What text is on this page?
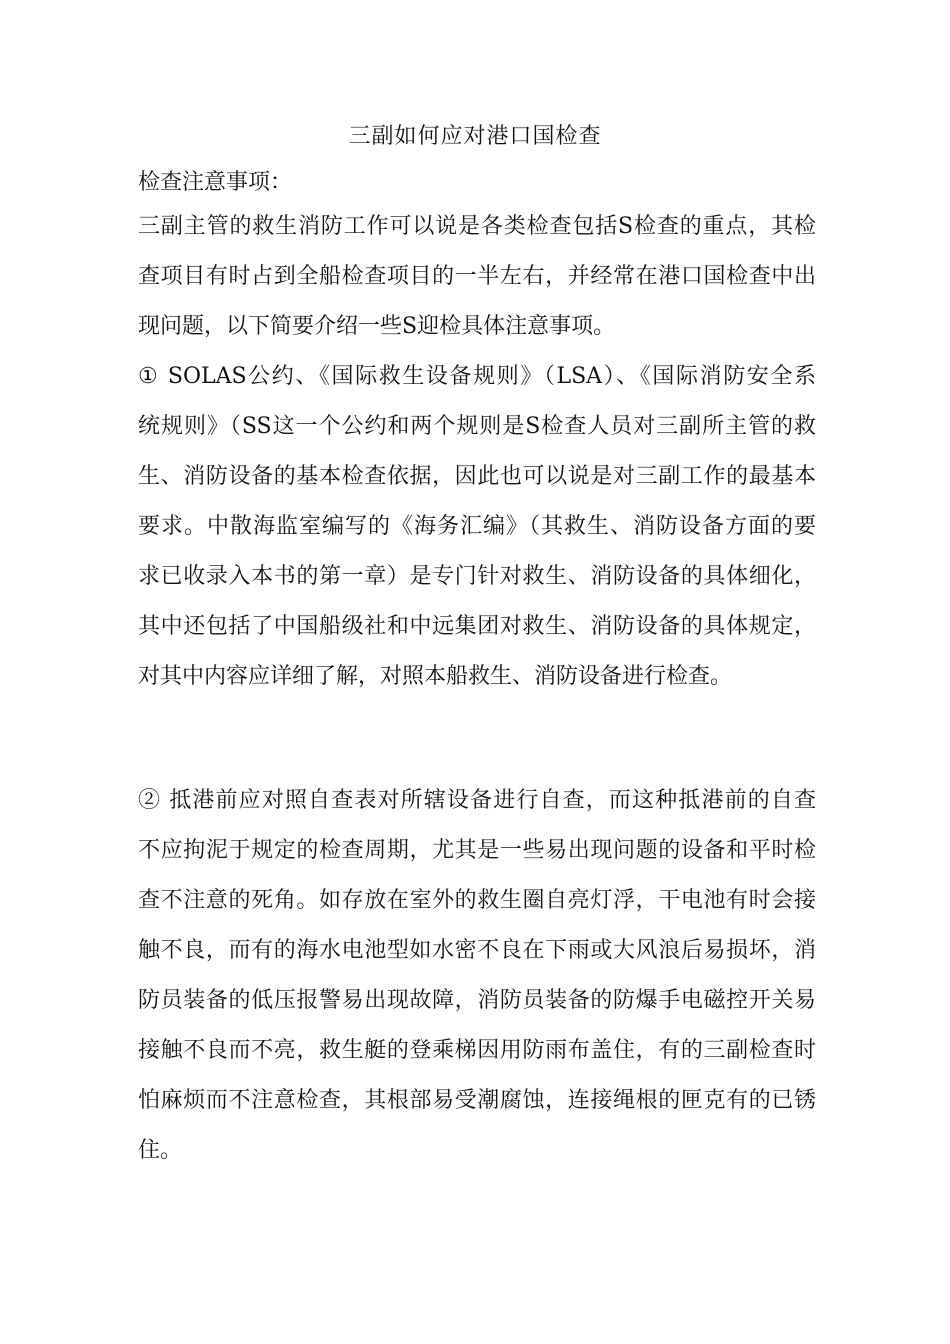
三副如何应对港口国检查
检查注意事项：
三副主管的救生消防工作可以说是各类检查包括S检查的重点，其检
查项目有时占到全船检查项目的一半左右，并经常在港口国检查中出
现问题，以下简要介绍一些S迎检具体注意事项。
① SOLAS公约、《国际救生设备规则》（LSA）、《国际消防安全系
统规则》（SS这一个公约和两个规则是S检查人员对三副所主管的救
生、消防设备的基本检查依据，因此也可以说是对三副工作的最基本
要求。中散海监室编写的《海务汇编》（其救生、消防设备方面的要
求已收录入本书的第一章）是专门针对救生、消防设备的具体细化，
其中还包括了中国船级社和中远集团对救生、消防设备的具体规定，
对其中内容应详细了解，对照本船救生、消防设备进行检查。
② 抵港前应对照自查表对所辖设备进行自查，而这种抵港前的自查
不应拘泥于规定的检查周期，尤其是一些易出现问题的设备和平时检
查不注意的死角。如存放在室外的救生圈自亮灯浮，干电池有时会接
触不良，而有的海水电池型如水密不良在下雨或大风浪后易损坏，消
防员装备的低压报警易出现故障，消防员装备的防爆手电磁控开关易
接触不良而不亮，救生艇的登乘梯因用防雨布盖住，有的三副检查时
怕麻烦而不注意检查，其根部易受潮腐蚀，连接绳根的匣克有的已锈
住。
